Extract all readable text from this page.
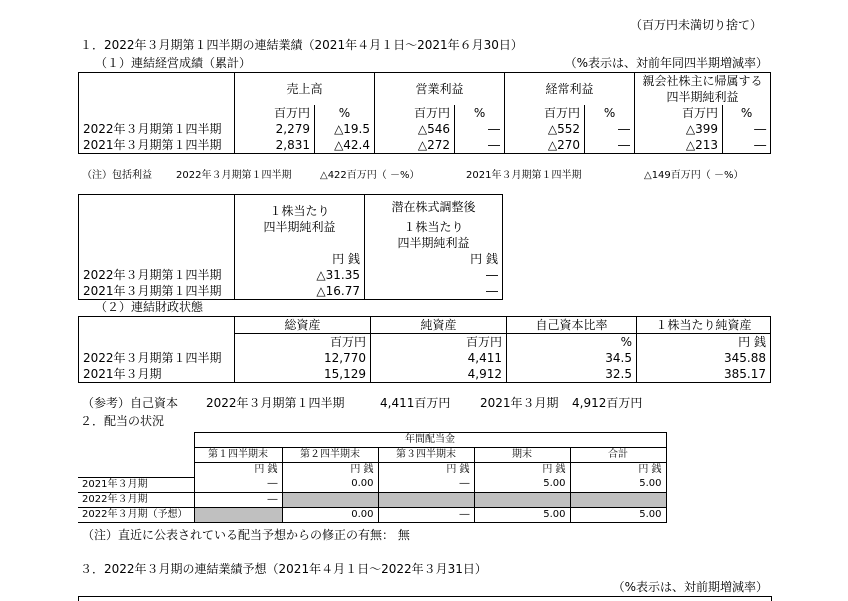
（百万円未満切り捨て）
１．2022年３月期第１四半期の連結業績（2021年４月１日～2021年６月30日）
（１）連結経営成績（累計）	（%表示は、対前年同四半期増減率）
	売上高		営業利益		経常利益		親会社株主に帰属する	
							四半期純利益	
	百万円	%	百万円	%	百万円	%	百万円	%
2022年３月期第１四半期	2,279	△19.5	△546	―	△552	―	△399	―
2021年３月期第１四半期	2,831	△42.4	△272	―	△270	―	△213	―
（注）包括利益 2022年３月期第１四半期	△422百万円（ －%）	2021年３月期第１四半期	△149百万円（ －%）
	１株当たり	潜在株式調整後
	四半期純利益	１株当たり
		四半期純利益
	円 銭	円 銭
2022年３月期第１四半期	△31.35	―
2021年３月期第１四半期	△16.77	―
（２）連結財政状態
	総資産	純資産	自己資本比率	１株当たり純資産
	百万円	百万円	%	円 銭
2022年３月期第１四半期	12,770	4,411	34.5	345.88
2021年３月期	15,129	4,912	32.5	385.17
（参考）自己資本 2022年３月期第１四半期	4,411百万円 2021年３月期 4,912百万円
２．配当の状況
	年間配当金				
	第１四半期末	第２四半期末	第３四半期末	期末	合計
	円 銭	円 銭	円 銭	円 銭	円 銭
2021年３月期	―	0.00	―	5.00	5.00
2022年３月期	―				
2022年３月期（予想）		0.00	―	5.00	5.00
（注）直近に公表されている配当予想からの修正の有無： 無
３．2022年３月期の連結業績予想（2021年４月１日～2022年３月31日）
（%表示は、対前期増減率）
